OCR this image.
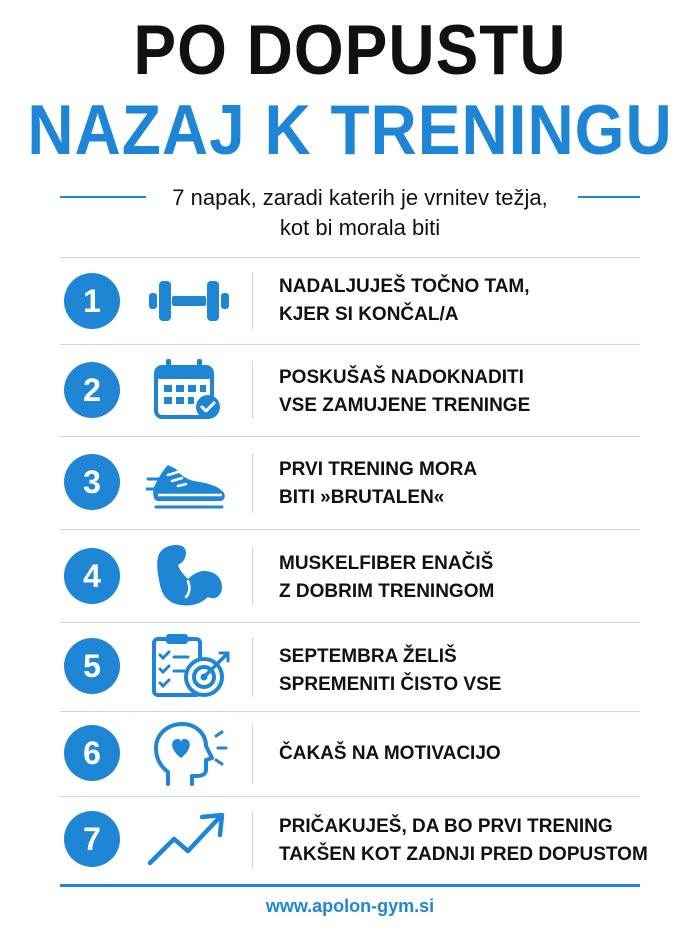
PO DOPUSTU
NAZAJ K TRENINGU
7 napak, zaradi katerih je vrnitev težja,
kot bi morala biti
1	NADALJUJEŠ TOČNO TAM,
KJER SI KONČAL/A
2	POSKUŠAŠ NADOKNADITI
VSE ZAMUJENE TRENINGE
3	PRVI TRENING MORA
BITI »BRUTALEN«
4	MUSKELFIBER ENAČIŠ
Z DOBRIM TRENINGOM
5	SEPTEMBRA ŽELIŠ
SPREMENITI ČISTO VSE
6	ČAKAŠ NA MOTIVACIJO
7	PRIČAKUJEŠ, DA BO PRVI TRENING
TAKŠEN KOT ZADNJI PRED DOPUSTOM
www.apolon-gym.si
